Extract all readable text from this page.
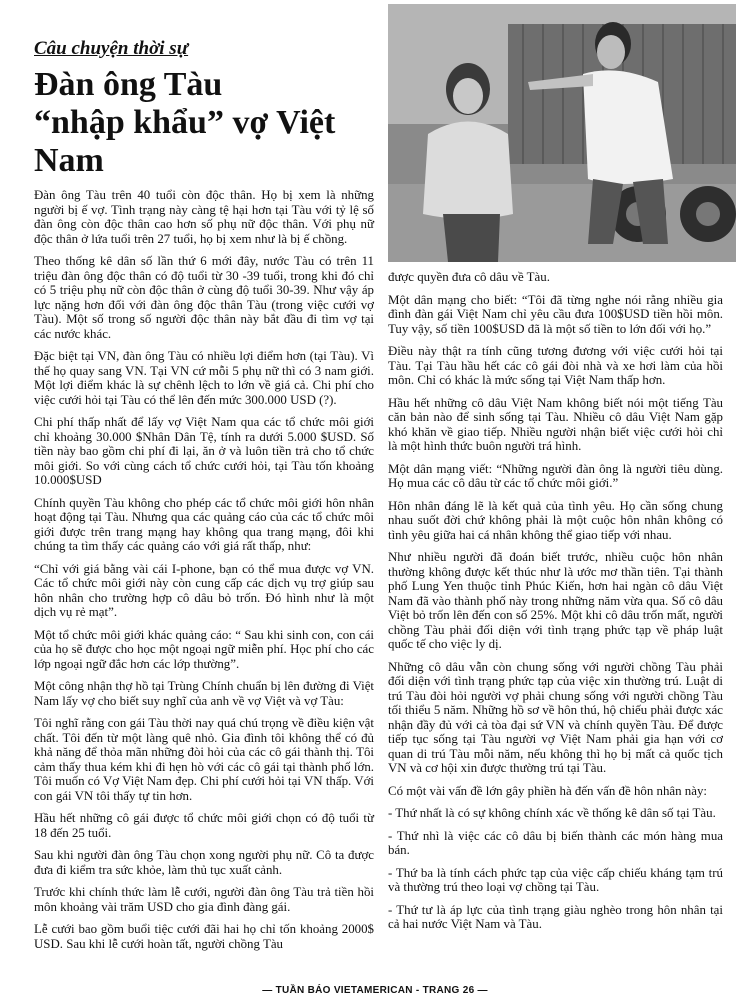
Câu chuyện thời sự
Đàn ông Tàu
“nhập khẩu” vợ Việt Nam

Đàn ông Tàu trên 40 tuổi còn độc thân. Họ bị xem là những người bị ế vợ. Tình trạng này càng tệ hại hơn tại Tàu với tỷ lệ số đàn ông còn độc thân cao hơn số phụ nữ độc thân. Với phụ nữ độc thân ở lứa tuổi trên 27 tuổi, họ bị xem như là bị ế chồng.

Theo thống kê dân số lần thứ 6 mới đây, nước Tàu có trên 11 triệu đàn ông độc thân có độ tuổi từ 30 -39 tuổi, trong khi đó chỉ có 5 triệu phụ nữ còn độc thân ở cùng độ tuổi 30-39. Như vậy áp lực nặng hơn đối với đàn ông độc thân Tàu (trong việc cưới vợ Tàu). Một số trong số người độc thân này bắt đầu đi tìm vợ tại các nước khác.

Đặc biệt tại VN, đàn ông Tàu có nhiều lợi điểm hơn (tại Tàu). Vì thế họ quay sang VN. Tại VN cứ mỗi 5 phụ nữ thì có 3 nam giới. Một lợi điểm khác là sự chênh lệch to lớn về giá cả. Chi phí cho việc cưới hỏi tại Tàu có thể lên đến mức 300.000 USD (?).

Chi phí thấp nhất để lấy vợ Việt Nam qua các tổ chức môi giới chỉ khoảng 30.000 $Nhân Dân Tệ, tính ra dưới 5.000 $USD. Số tiền này bao gồm chi phí đi lại, ăn ở và luôn tiền trả cho tổ chức môi giới. So với cùng cách tổ chức cưới hỏi, tại Tàu tốn khoảng 10.000$USD

Chính quyền Tàu không cho phép các tổ chức môi giới hôn nhân hoạt động tại Tàu. Nhưng qua các quảng cáo của các tổ chức môi giới được trên trang mạng hay không qua trang mạng, đôi khi chúng ta tìm thấy các quảng cáo với giá rất thấp, như:

“Chỉ với giá bằng vài cái I-phone, bạn có thể mua được vợ VN. Các tổ chức môi giới này còn cung cấp các dịch vụ trợ giúp sau hôn nhân cho trường hợp cô dâu bỏ trốn. Đó hình như là một dịch vụ rẻ mạt”.

Một tổ chức môi giới khác quảng cáo: “ Sau khi sinh con, con cái của họ sẽ được cho học một ngoại ngữ miễn phí. Học phí cho các lớp ngoại ngữ đắc hơn các lớp thường”.

Một công nhận thợ hồ tại Trùng Chính chuẩn bị lên đường đi Việt Nam lấy vợ cho biết suy nghĩ của anh về vợ Việt và vợ Tàu:

Tôi nghĩ rằng con gái Tàu thời nay quá chú trọng về điều kiện vật chất. Tôi đến từ một làng quê nhỏ. Gia đình tôi không thể có đủ khả năng để thỏa mãn những đòi hỏi của các cô gái thành thị. Tôi cảm thấy thua kém khi đi hẹn hò với các cô gái tại thành phố lớn. Tôi muốn có Vợ Việt Nam đẹp. Chi phí cưới hỏi tại VN thấp. Với con gái VN tôi thấy tự tin hơn.

Hầu hết những cô gái được tổ chức môi giới chọn có độ tuổi từ 18 đến 25 tuổi.

Sau khi người đàn ông Tàu chọn xong người phụ nữ. Cô ta được đưa đi kiểm tra sức khỏe, làm thủ tục xuất cảnh.

Trước khi chính thức làm lễ cưới, người đàn ông Tàu trả tiền hồi môn khoảng vài trăm USD cho gia đình đàng gái.

Lễ cưới bao gồm buổi tiệc cưới đãi hai họ chỉ tốn khoảng 2000$ USD. Sau khi lễ cưới hoàn tất, người chồng Tàu

được quyền đưa cô dâu về Tàu.

Một dân mạng cho biết: “Tôi đã từng nghe nói rằng nhiều gia đình đàn gái Việt Nam chỉ yêu cầu đưa 100$USD tiền hồi môn. Tuy vậy, số tiền 100$USD đã là một số tiền to lớn đối với họ.”

Điều này thật ra tính cũng tương đương với việc cưới hỏi tại Tàu. Tại Tàu hầu hết các cô gái đòi nhà và xe hơi làm của hồi môn. Chỉ có khác là mức sống tại Việt Nam thấp hơn.

Hầu hết những cô dâu Việt Nam không biết nói một tiếng Tàu căn bản nào để sinh sống tại Tàu. Nhiều cô dâu Việt Nam gặp khó khăn về giao tiếp. Nhiều người nhận biết việc cưới hỏi chỉ là một hình thức buôn người trá hình.

Một dân mạng viết: “Những người đàn ông là người tiêu dùng. Họ mua các cô dâu từ các tổ chức môi giới.”

Hôn nhân đáng lẽ là kết quả của tình yêu. Họ cần sống chung nhau suốt đời chứ không phải là một cuộc hôn nhân không có tình yêu giữa hai cá nhân không thể giao tiếp với nhau.

Như nhiều người đã đoán biết trước, nhiều cuộc hôn nhân thường không được kết thúc như là ước mơ thần tiên. Tại thành phố Lung Yen thuộc tỉnh Phúc Kiến, hơn hai ngàn cô dâu Việt Nam đã vào thành phố này trong những năm vừa qua. Số cô dâu Việt bỏ trốn lên đến con số 25%. Một khi cô dâu trốn mất, người chồng Tàu phải đối diện với tình trạng phức tạp về pháp luật quốc tế cho việc ly dị.

Những cô dâu vẫn còn chung sống với người chồng Tàu phải đối diện với tình trạng phức tạp của việc xin thường trú. Luật di trú Tàu đòi hỏi người vợ phải chung sống với người chồng Tàu tối thiểu 5 năm. Những hồ sơ về hôn thú, hộ chiếu phải được xác nhận đầy đủ với cả tòa đại sứ VN và chính quyền Tàu. Để được tiếp tục sống tại Tàu người vợ Việt Nam phải gia hạn với cơ quan di trú Tàu mỗi năm, nếu không thì họ bị mất cả quốc tịch VN và cơ hội xin được thường trú tại Tàu.

Có một vài vấn đề lớn gây phiền hà đến vấn đề hôn nhân này:

- Thứ nhất là có sự không chính xác về thống kê dân số tại Tàu.

- Thứ nhì là việc các cô dâu bị biến thành các món hàng mua bán.

- Thứ ba là tính cách phức tạp của việc cấp chiếu kháng tạm trú và thường trú theo loại vợ chồng tại Tàu.

- Thứ tư là áp lực của tình trạng giàu nghèo trong hôn nhân tại cả hai nước Việt Nam và Tàu.

— TUẦN BÁO VIETAMERICAN - TRANG 26 —
